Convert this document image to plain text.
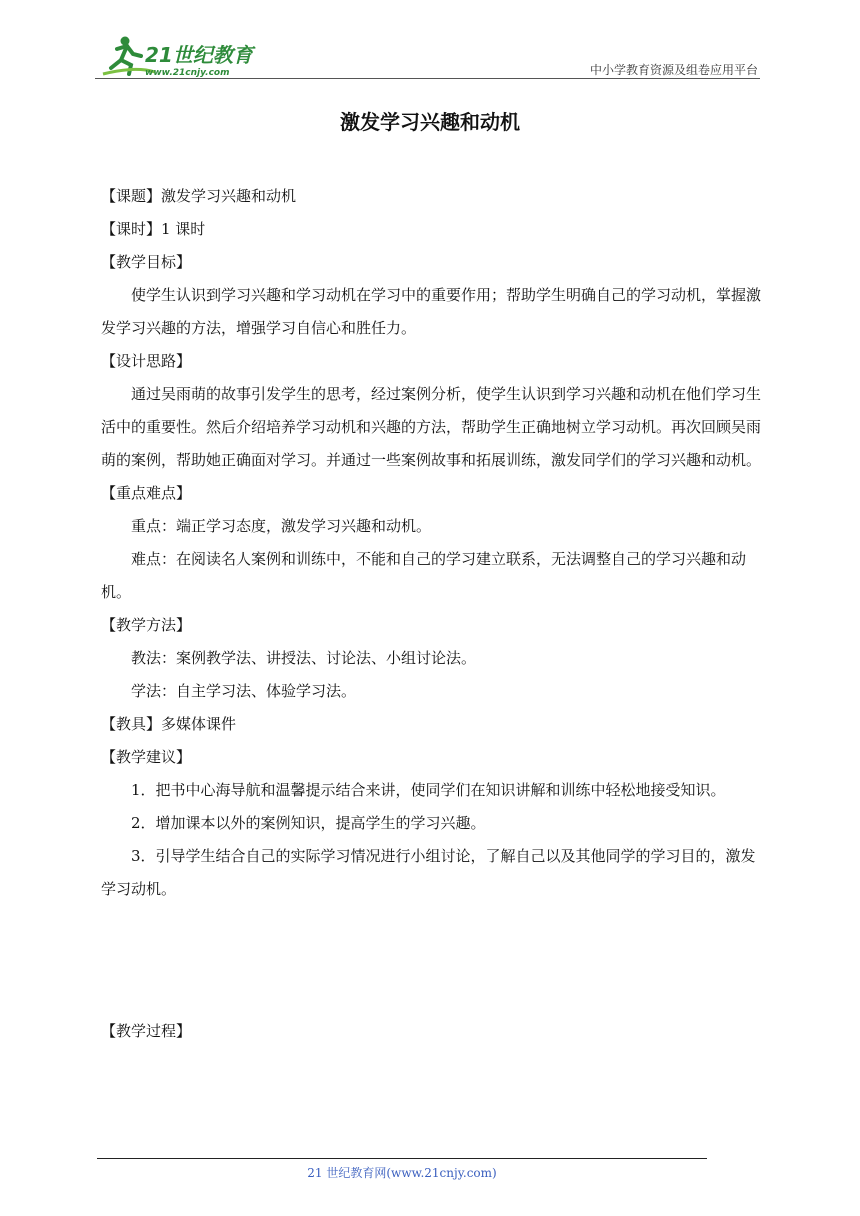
21世纪教育
www.21cnjy.com	中小学教育资源及组卷应用平台
激发学习兴趣和动机

【课题】激发学习兴趣和动机

【课时】1 课时

【教学目标】

使学生认识到学习兴趣和学习动机在学习中的重要作用；帮助学生明确自己的学习动机，掌握激发学习兴趣的方法，增强学习自信心和胜任力。

【设计思路】

通过吴雨萌的故事引发学生的思考，经过案例分析，使学生认识到学习兴趣和动机在他们学习生活中的重要性。然后介绍培养学习动机和兴趣的方法，帮助学生正确地树立学习动机。再次回顾吴雨萌的案例，帮助她正确面对学习。并通过一些案例故事和拓展训练，激发同学们的学习兴趣和动机。

【重点难点】

重点：端正学习态度，激发学习兴趣和动机。

难点：在阅读名人案例和训练中，不能和自己的学习建立联系，无法调整自己的学习兴趣和动机。

【教学方法】

教法：案例教学法、讲授法、讨论法、小组讨论法。

学法：自主学习法、体验学习法。

【教具】多媒体课件

【教学建议】

1．把书中心海导航和温馨提示结合来讲，使同学们在知识讲解和训练中轻松地接受知识。

2．增加课本以外的案例知识，提高学生的学习兴趣。

3．引导学生结合自己的实际学习情况进行小组讨论，了解自己以及其他同学的学习目的，激发学习动机。

【教学过程】

21 世纪教育网(www.21cnjy.com)
